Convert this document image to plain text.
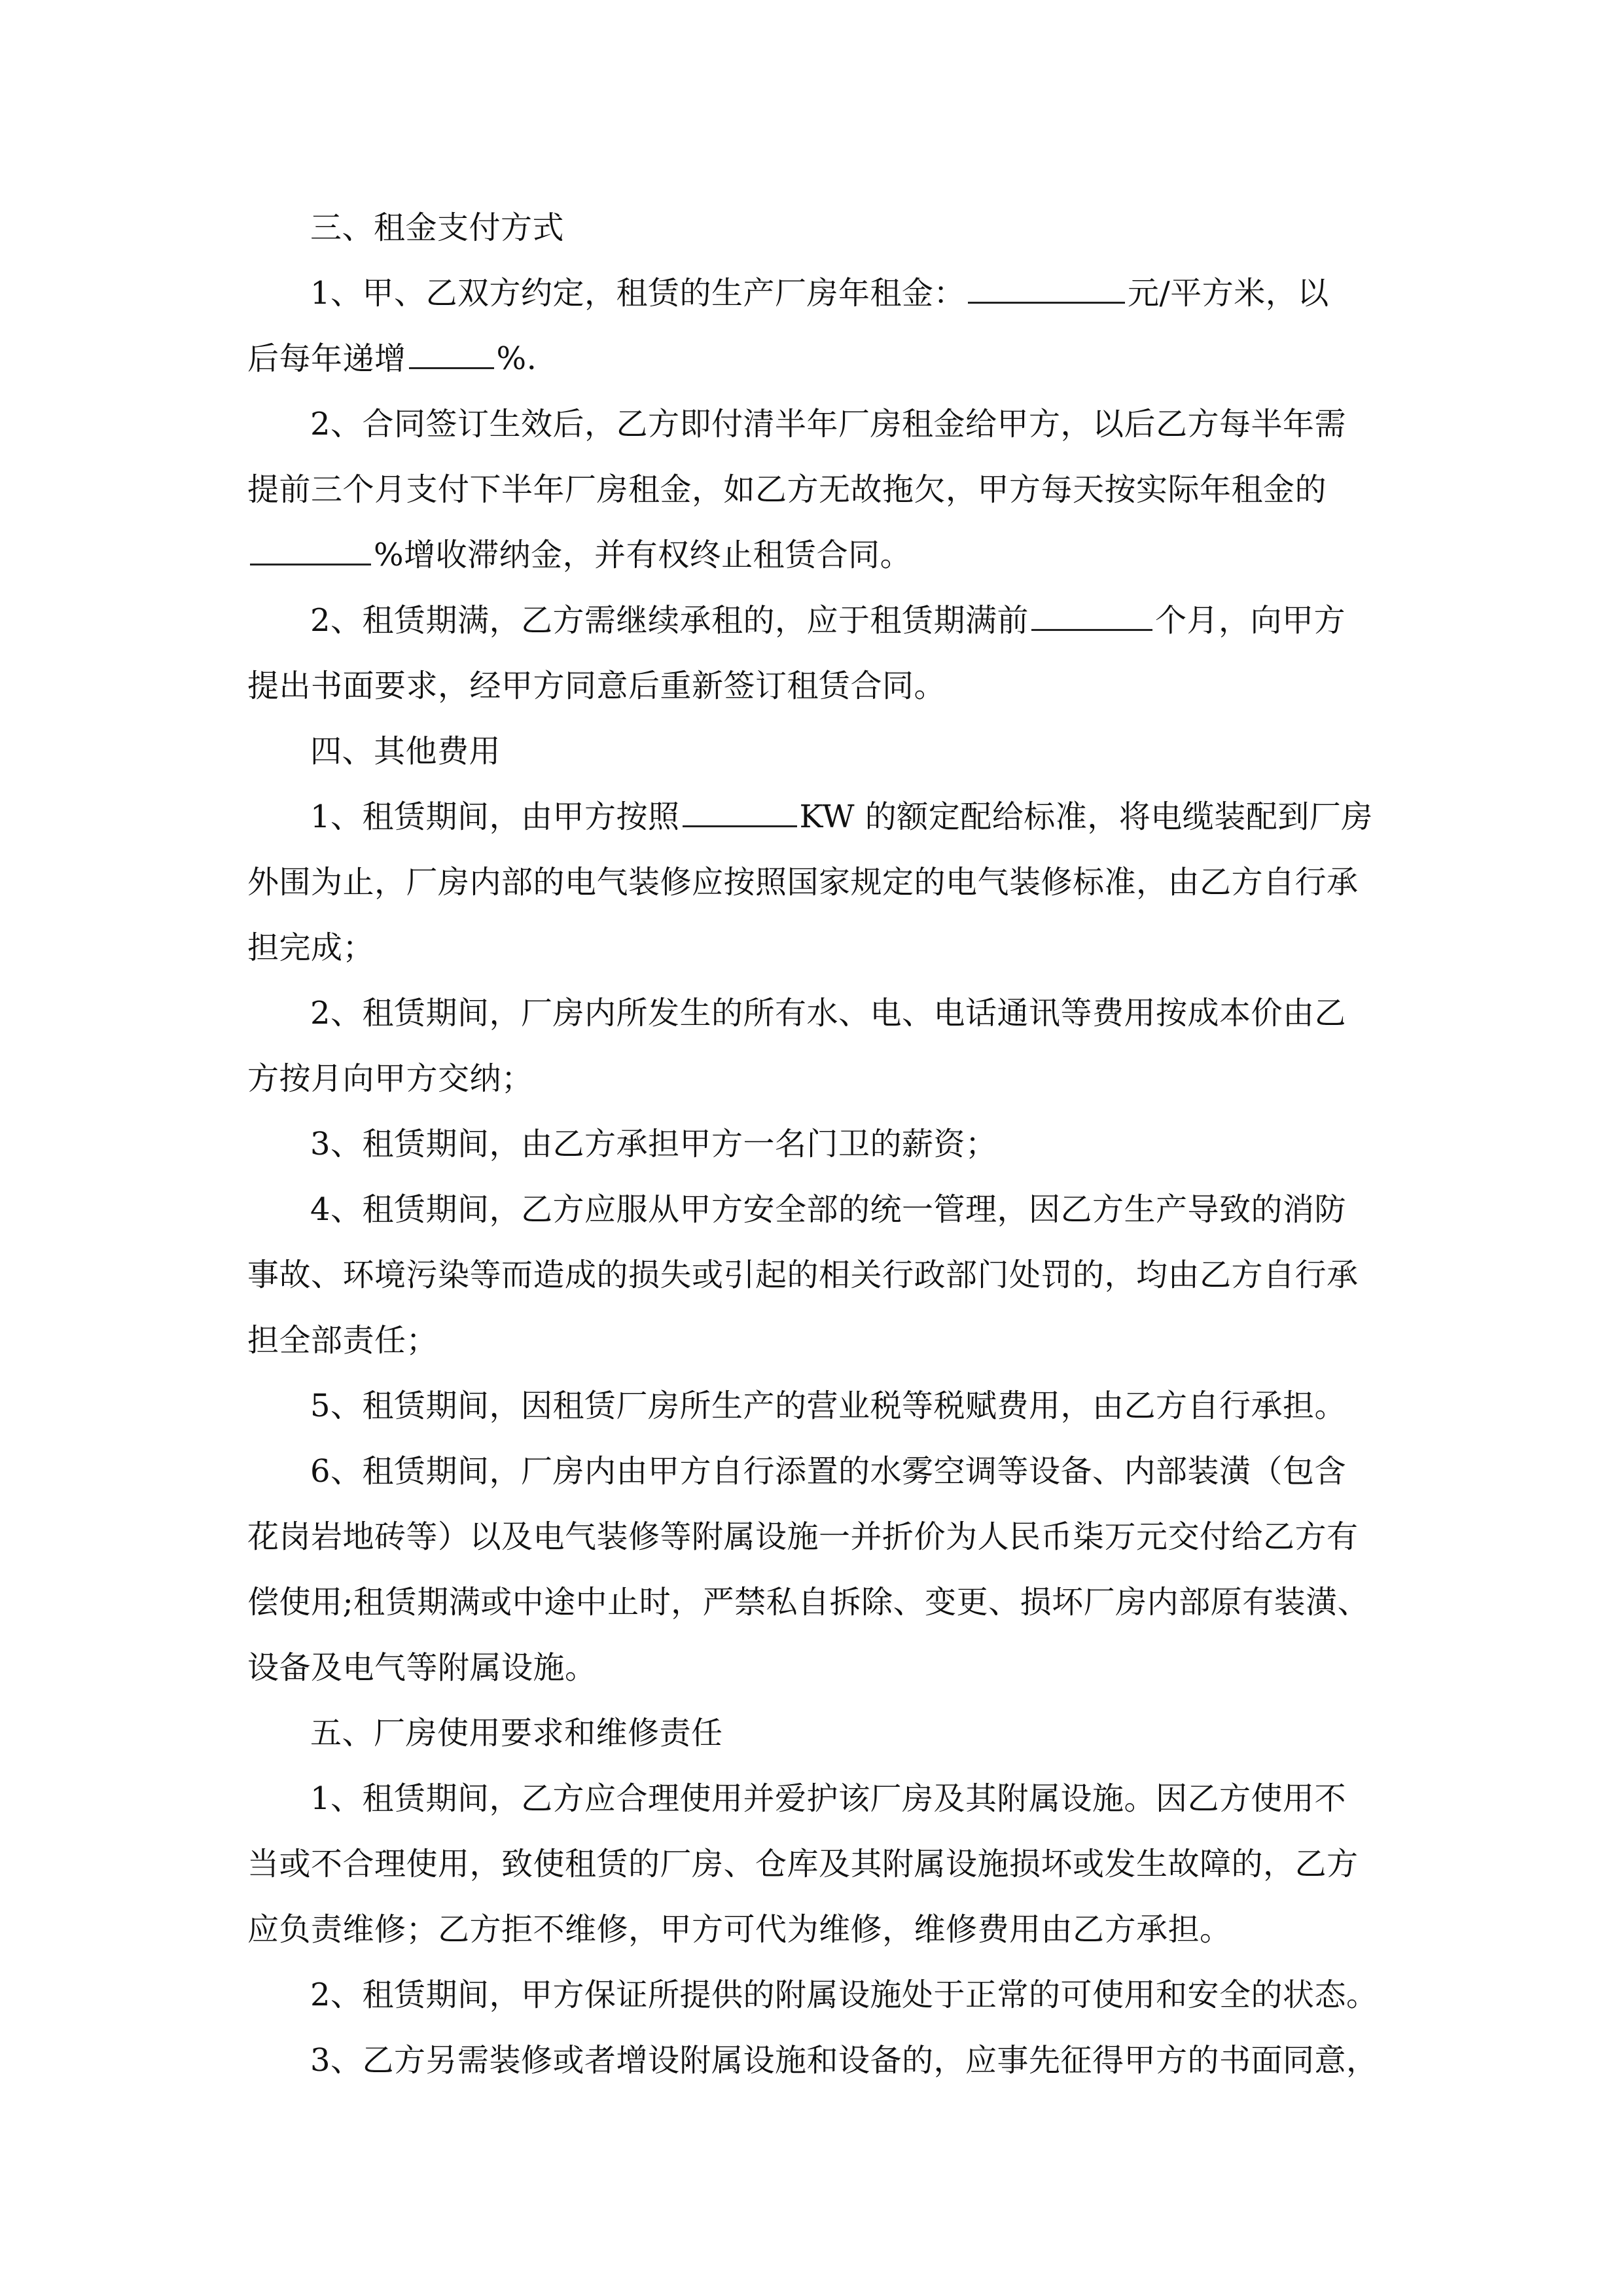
三、租金支付方式
1、甲、乙双方约定，租赁的生产厂房年租金：	元/平方米，以
后每年递增	%.
2、合同签订生效后，乙方即付清半年厂房租金给甲方，以后乙方每半年需
提前三个月支付下半年厂房租金，如乙方无故拖欠，甲方每天按实际年租金的
%增收滞纳金，并有权终止租赁合同。
2、租赁期满，乙方需继续承租的，应于租赁期满前	个月，向甲方
提出书面要求，经甲方同意后重新签订租赁合同。
四、其他费用
1、租赁期间，由甲方按照	KW 的额定配给标准，将电缆装配到厂房
外围为止，厂房内部的电气装修应按照国家规定的电气装修标准，由乙方自行承
担完成；
2、租赁期间，厂房内所发生的所有水、电、电话通讯等费用按成本价由乙
方按月向甲方交纳；
3、租赁期间，由乙方承担甲方一名门卫的薪资；
4、租赁期间，乙方应服从甲方安全部的统一管理，因乙方生产导致的消防
事故、环境污染等而造成的损失或引起的相关行政部门处罚的，均由乙方自行承
担全部责任；
5、租赁期间，因租赁厂房所生产的营业税等税赋费用，由乙方自行承担。
6、租赁期间，厂房内由甲方自行添置的水雾空调等设备、内部装潢（包含
花岗岩地砖等）以及电气装修等附属设施一并折价为人民币柒万元交付给乙方有
偿使用;租赁期满或中途中止时，严禁私自拆除、变更、损坏厂房内部原有装潢、
设备及电气等附属设施。
五、厂房使用要求和维修责任
1、租赁期间，乙方应合理使用并爱护该厂房及其附属设施。因乙方使用不
当或不合理使用，致使租赁的厂房、仓库及其附属设施损坏或发生故障的，乙方
应负责维修；乙方拒不维修，甲方可代为维修，维修费用由乙方承担。
2、租赁期间，甲方保证所提供的附属设施处于正常的可使用和安全的状态。
3、乙方另需装修或者增设附属设施和设备的，应事先征得甲方的书面同意，
